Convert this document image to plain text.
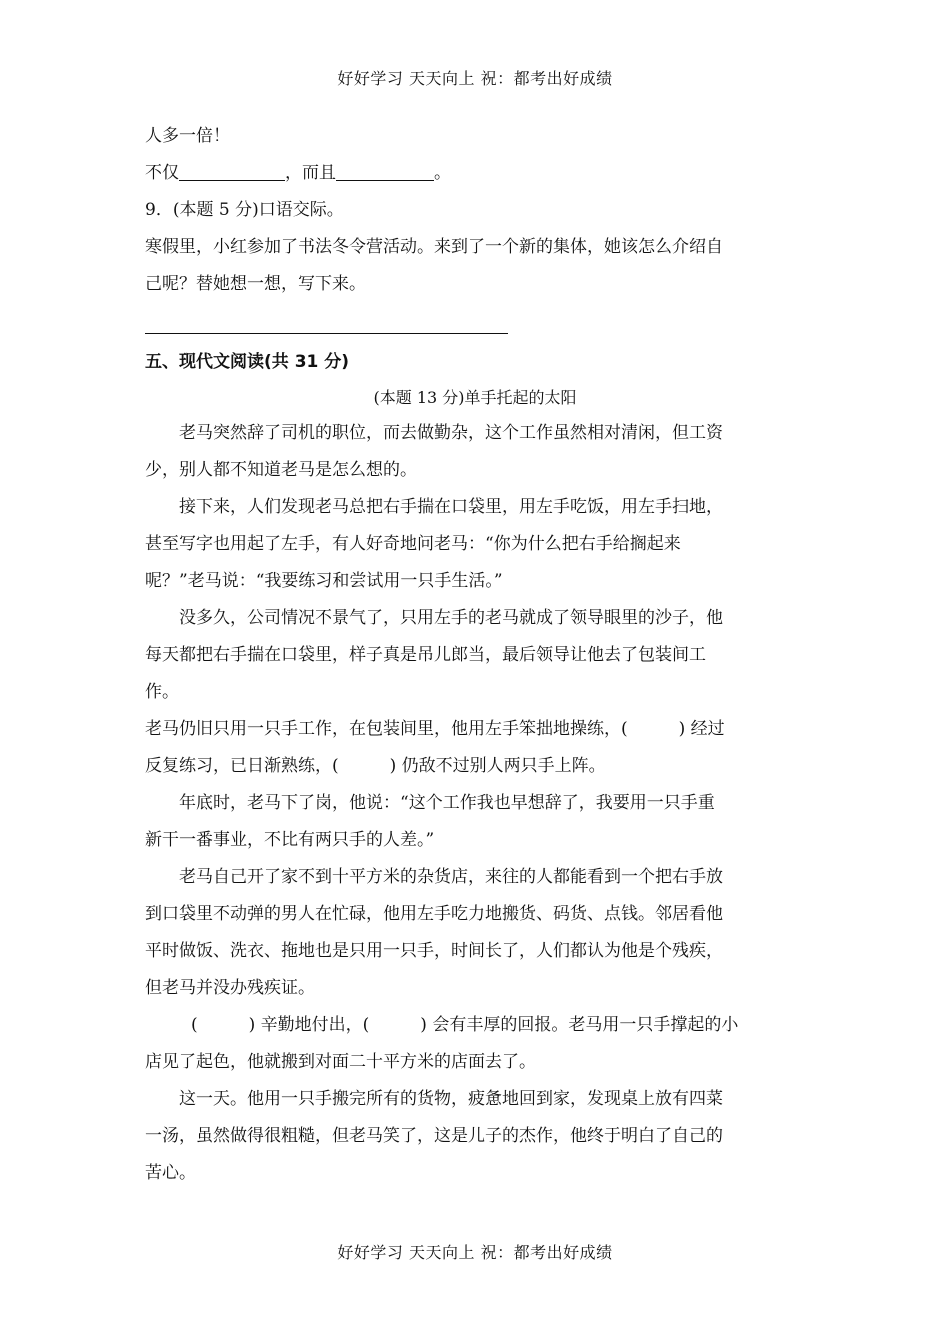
好好学习 天天向上 祝：都考出好成绩
人多一倍！
不仅	，而且	。
9．(本题 5 分)口语交际。
寒假里，小红参加了书法冬令营活动。来到了一个新的集体，她该怎么介绍自
己呢？替她想一想，写下来。
五、现代文阅读(共 31 分)
(本题 13 分)单手托起的太阳
老马突然辞了司机的职位，而去做勤杂，这个工作虽然相对清闲，但工资
少，别人都不知道老马是怎么想的。
接下来，人们发现老马总把右手揣在口袋里，用左手吃饭，用左手扫地，
甚至写字也用起了左手，有人好奇地问老马：“你为什么把右手给搁起来
呢？”老马说：“我要练习和尝试用一只手生活。”
没多久，公司情况不景气了，只用左手的老马就成了领导眼里的沙子，他
每天都把右手揣在口袋里，样子真是吊儿郎当，最后领导让他去了包装间工
作。
老马仍旧只用一只手工作，在包装间里，他用左手笨拙地操练，(　　　) 经过
反复练习，已日渐熟练，(　　　) 仍敌不过别人两只手上阵。
年底时，老马下了岗，他说：“这个工作我也早想辞了，我要用一只手重
新干一番事业，不比有两只手的人差。”
老马自己开了家不到十平方米的杂货店，来往的人都能看到一个把右手放
到口袋里不动弹的男人在忙碌，他用左手吃力地搬货、码货、点钱。邻居看他
平时做饭、洗衣、拖地也是只用一只手，时间长了，人们都认为他是个残疾，
但老马并没办残疾证。
(　　　) 辛勤地付出，(　　　) 会有丰厚的回报。老马用一只手撑起的小
店见了起色，他就搬到对面二十平方米的店面去了。
这一天。他用一只手搬完所有的货物，疲惫地回到家，发现桌上放有四菜
一汤，虽然做得很粗糙，但老马笑了，这是儿子的杰作，他终于明白了自己的
苦心。
好好学习 天天向上 祝：都考出好成绩
